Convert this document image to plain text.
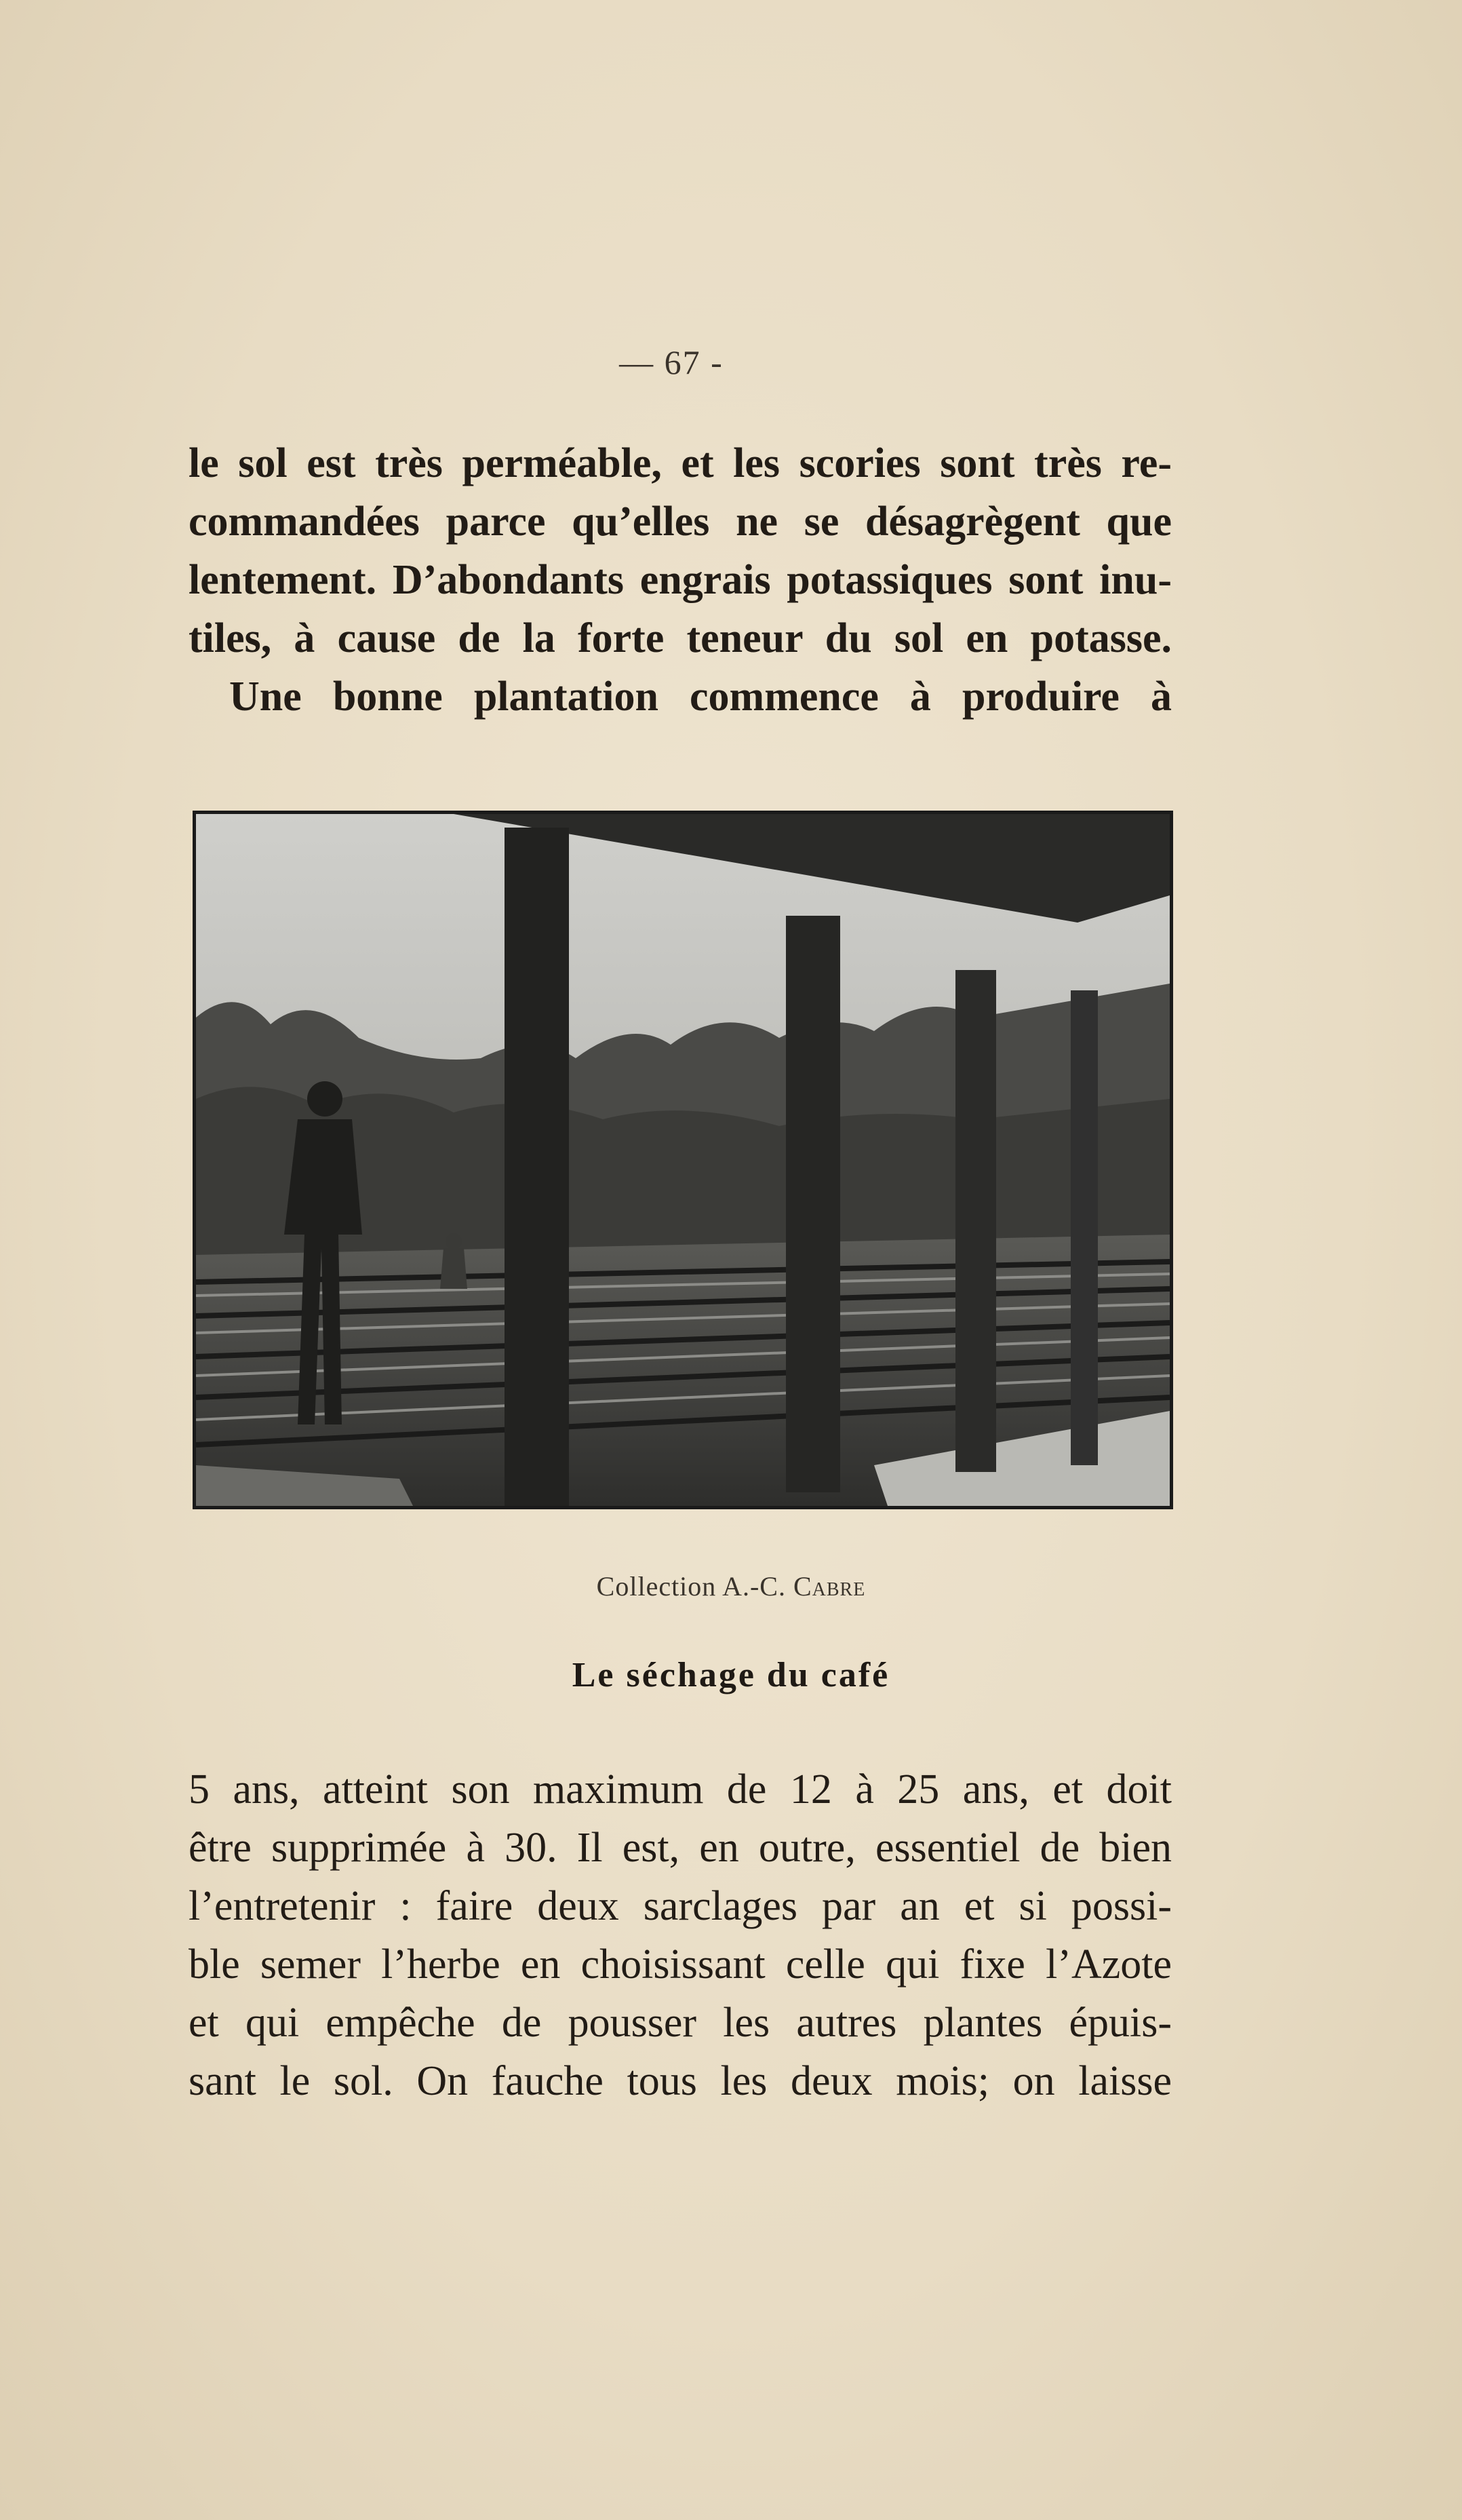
— 67 -
le sol est très perméable, et les scories sont très re-
commandées parce qu’elles ne se désagrègent que
lentement. D’abondants engrais potassiques sont inu-
tiles, à cause de la forte teneur du sol en potasse.
Une bonne plantation commence à produire à
Collection A.-C. Cabre
Le séchage du café
5 ans, atteint son maximum de 12 à 25 ans, et doit
être supprimée à 30. Il est, en outre, essentiel de bien
l’entretenir : faire deux sarclages par an et si possi-
ble semer l’herbe en choisissant celle qui fixe l’Azote
et qui empêche de pousser les autres plantes épuis-
sant le sol. On fauche tous les deux mois; on laisse
